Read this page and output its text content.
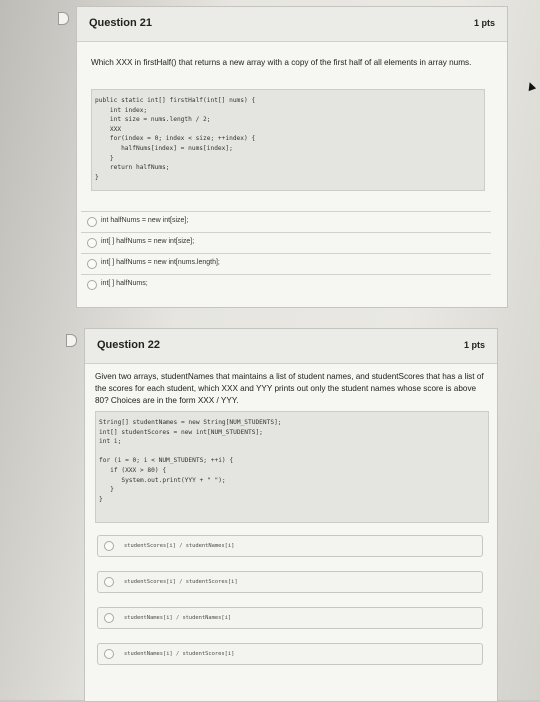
Question 21	1 pts
Which XXX in firstHalf() that returns a new array with a copy of the first half of all elements in array nums.
public static int[] firstHalf(int[] nums) {
int index;
int size = nums.length / 2;
XXX
for(index = 0; index < size; ++index) {
halfNums[index] = nums[index];
}
return halfNums;
}
int halfNums = new int[size];
int[ ] halfNums = new int[size];
int[ ] halfNums = new int[nums.length];
int[ ] halfNums;
Question 22	1 pts
Given two arrays, studentNames that maintains a list of student names, and studentScores that has a list of the scores for each student, which XXX and YYY prints out only the student names whose score is above 80? Choices are in the form XXX / YYY.
String[] studentNames = new String[NUM_STUDENTS];
int[] studentScores = new int[NUM_STUDENTS];
int i;

for (i = 0; i < NUM_STUDENTS; ++i) {
if (XXX > 80) {
System.out.print(YYY + " ");
}
}
studentScores[i] / studentNames[i]
studentScores[i] / studentScores[i]
studentNames[i] / studentNames[i]
studentNames[i] / studentScores[i]
